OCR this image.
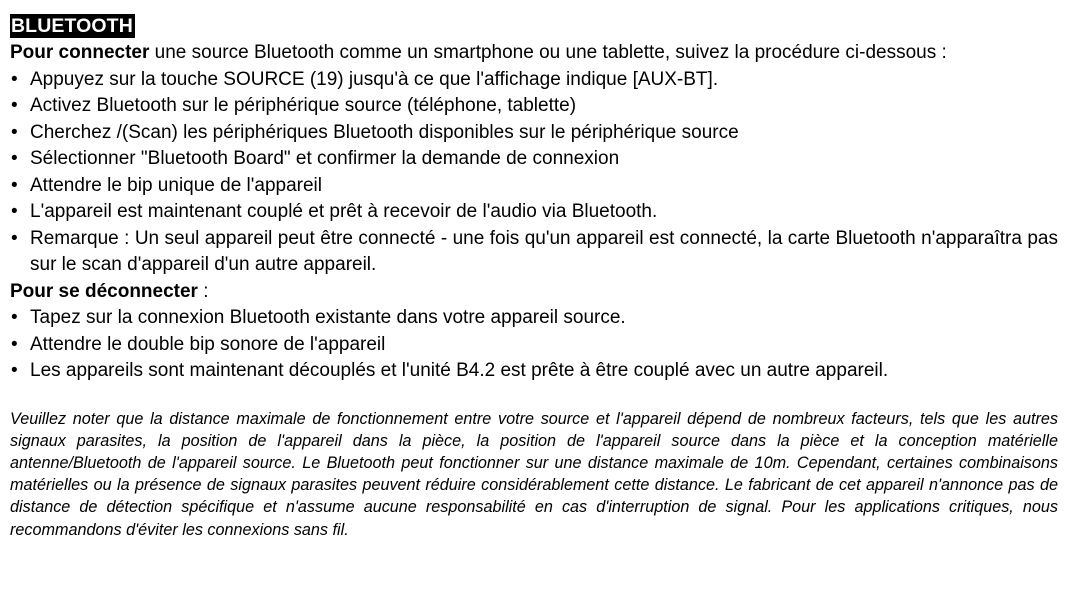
BLUETOOTH

Pour connecter une source Bluetooth comme un smartphone ou une tablette, suivez la procédure ci-dessous :

• Appuyez sur la touche SOURCE (19) jusqu'à ce que l'affichage indique [AUX-BT].
• Activez Bluetooth sur le périphérique source (téléphone, tablette)
• Cherchez /(Scan) les périphériques Bluetooth disponibles sur le périphérique source
• Sélectionner "Bluetooth Board" et confirmer la demande de connexion
• Attendre le bip unique de l'appareil
• L'appareil est maintenant couplé et prêt à recevoir de l'audio via Bluetooth.
• Remarque : Un seul appareil peut être connecté - une fois qu'un appareil est connecté, la carte Bluetooth n'apparaîtra pas sur le scan d'appareil d'un autre appareil.

Pour se déconnecter :

• Tapez sur la connexion Bluetooth existante dans votre appareil source.
• Attendre le double bip sonore de l'appareil
• Les appareils sont maintenant découplés et l'unité B4.2 est prête à être couplé avec un autre appareil.

Veuillez noter que la distance maximale de fonctionnement entre votre source et l'appareil dépend de nombreux facteurs, tels que les autres signaux parasites, la position de l'appareil dans la pièce, la position de l'appareil source dans la pièce et la conception matérielle antenne/Bluetooth de l'appareil source. Le Bluetooth peut fonctionner sur une distance maximale de 10m. Cependant, certaines combinaisons matérielles ou la présence de signaux parasites peuvent réduire considérablement cette distance. Le fabricant de cet appareil n'annonce pas de distance de détection spécifique et n'assume aucune responsabilité en cas d'interruption de signal. Pour les applications critiques, nous recommandons d'éviter les connexions sans fil.
